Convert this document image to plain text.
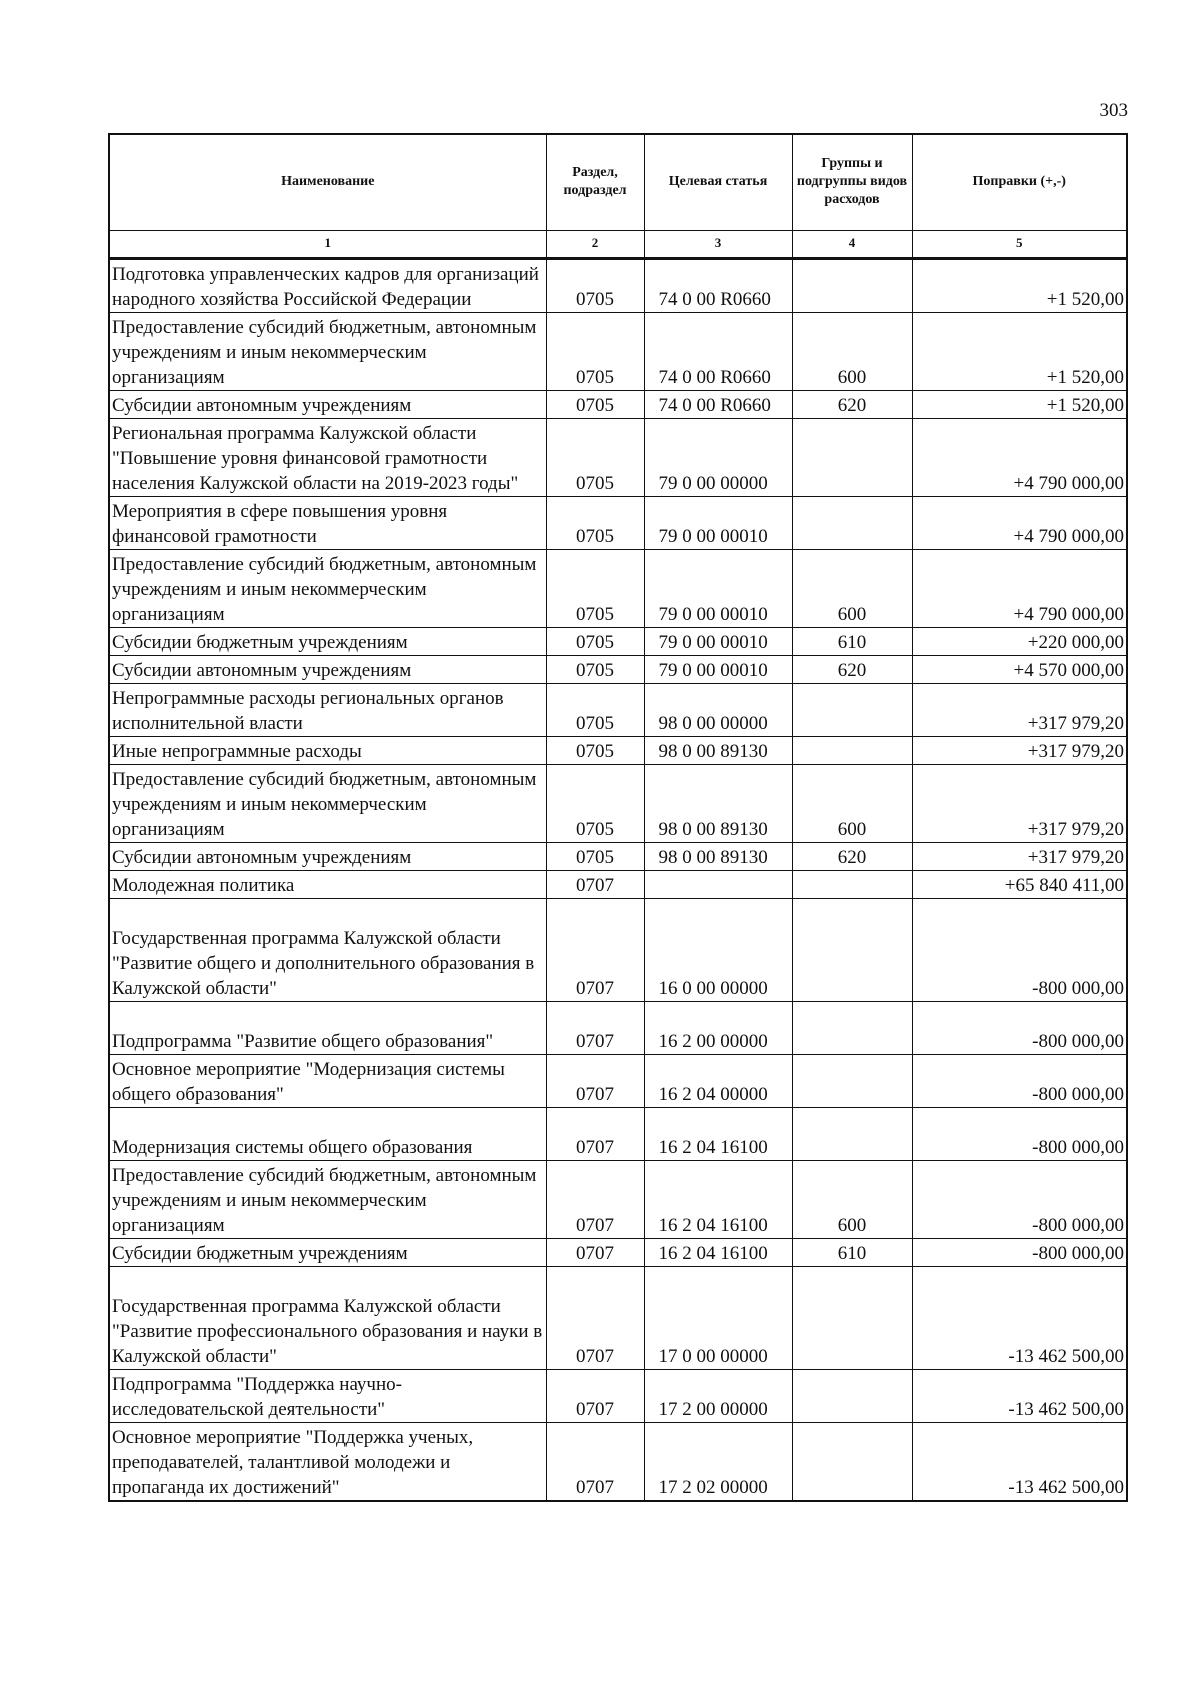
303
Наименование	Раздел, подраздел	Целевая статья	Группы и подгруппы видов расходов	Поправки (+,-)
1	2	3	4	5
Подготовка управленческих кадров для организаций народного хозяйства Российской Федерации	0705	74 0 00 R0660		+1 520,00
Предоставление субсидий бюджетным, автономным учреждениям и иным некоммерческим организациям	0705	74 0 00 R0660	600	+1 520,00
Субсидии автономным учреждениям	0705	74 0 00 R0660	620	+1 520,00
Региональная программа Калужской области "Повышение уровня финансовой грамотности населения Калужской области на 2019-2023 годы"	0705	79 0 00 00000		+4 790 000,00
Мероприятия в сфере повышения уровня финансовой грамотности	0705	79 0 00 00010		+4 790 000,00
Предоставление субсидий бюджетным, автономным учреждениям и иным некоммерческим организациям	0705	79 0 00 00010	600	+4 790 000,00
Субсидии бюджетным учреждениям	0705	79 0 00 00010	610	+220 000,00
Субсидии автономным учреждениям	0705	79 0 00 00010	620	+4 570 000,00
Непрограммные расходы региональных органов исполнительной власти	0705	98 0 00 00000		+317 979,20
Иные непрограммные расходы	0705	98 0 00 89130		+317 979,20
Предоставление субсидий бюджетным, автономным учреждениям и иным некоммерческим организациям	0705	98 0 00 89130	600	+317 979,20
Субсидии автономным учреждениям	0705	98 0 00 89130	620	+317 979,20
Молодежная политика	0707			+65 840 411,00

Государственная программа Калужской области "Развитие общего и дополнительного образования в Калужской области"	0707	16 0 00 00000		-800 000,00

Подпрограмма "Развитие общего образования"	0707	16 2 00 00000		-800 000,00
Основное мероприятие "Модернизация системы общего образования"	0707	16 2 04 00000		-800 000,00

Модернизация системы общего образования	0707	16 2 04 16100		-800 000,00
Предоставление субсидий бюджетным, автономным учреждениям и иным некоммерческим организациям	0707	16 2 04 16100	600	-800 000,00
Субсидии бюджетным учреждениям	0707	16 2 04 16100	610	-800 000,00

Государственная программа Калужской области "Развитие профессионального образования и науки в Калужской области"	0707	17 0 00 00000		-13 462 500,00
Подпрограмма "Поддержка научно-исследовательской деятельности"	0707	17 2 00 00000		-13 462 500,00
Основное мероприятие "Поддержка ученых, преподавателей, талантливой молодежи и пропаганда их достижений"	0707	17 2 02 00000		-13 462 500,00
